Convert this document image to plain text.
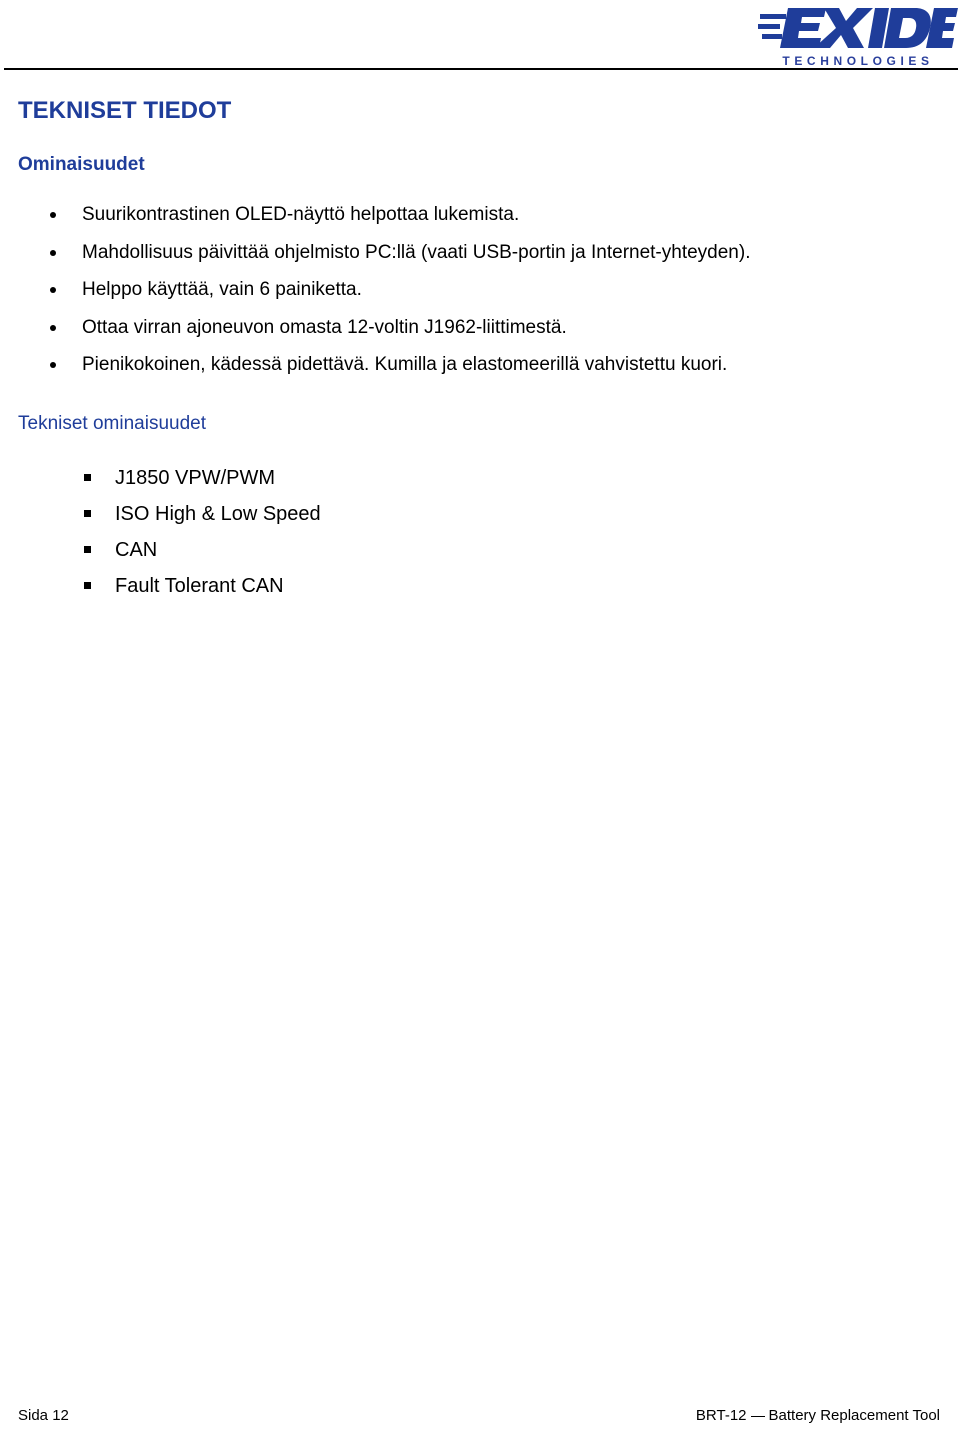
TECHNOLOGIES
TEKNISET TIEDOT
Ominaisuudet
Suurikontrastinen OLED-näyttö helpottaa lukemista.
Mahdollisuus päivittää ohjelmisto PC:llä (vaati USB-portin ja Internet-yhteyden).
Helppo käyttää, vain 6 painiketta.
Ottaa virran ajoneuvon omasta 12-voltin J1962-liittimestä.
Pienikokoinen, kädessä pidettävä. Kumilla ja elastomeerillä vahvistettu kuori.
Tekniset ominaisuudet
J1850 VPW/PWM
ISO High & Low Speed
CAN
Fault Tolerant CAN
Sida 12	BRT-12 Battery Replacement Tool
